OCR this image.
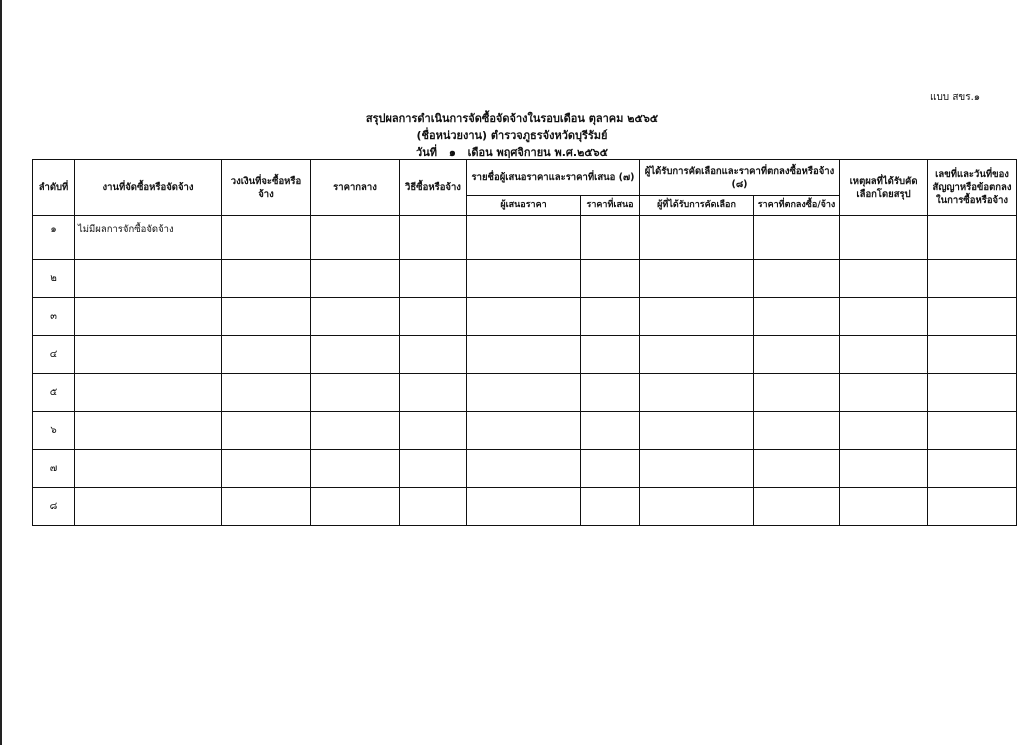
แบบ สขร.๑
สรุปผลการดำเนินการจัดซื้อจัดจ้างในรอบเดือน ตุลาคม ๒๕๖๕
(ชื่อหน่วยงาน) ตำรวจภูธรจังหวัดบุรีรัมย์
วันที่ ๑ เดือน พฤศจิกายน พ.ศ.๒๕๖๕
ลำดับที่	งานที่จัดซื้อหรือจัดจ้าง	วงเงินที่จะซื้อหรือจ้าง	ราคากลาง	วิธีซื้อหรือจ้าง	รายชื่อผู้เสนอราคาและราคาที่เสนอ (๗)		ผู้ได้รับการคัดเลือกและราคาที่ตกลงซื้อหรือจ้าง (๘)		เหตุผลที่ได้รับคัดเลือกโดยสรุป	เลขที่และวันที่ของสัญญาหรือข้อตกลงในการซื้อหรือจ้าง
					ผู้เสนอราคา	ราคาที่เสนอ	ผู้ที่ได้รับการคัดเลือก	ราคาที่ตกลงซื้อ/จ้าง		
๑	ไม่มีผลการจักซื้อจัดจ้าง									
๒										
๓										
๔										
๕										
๖										
๗										
๘										
